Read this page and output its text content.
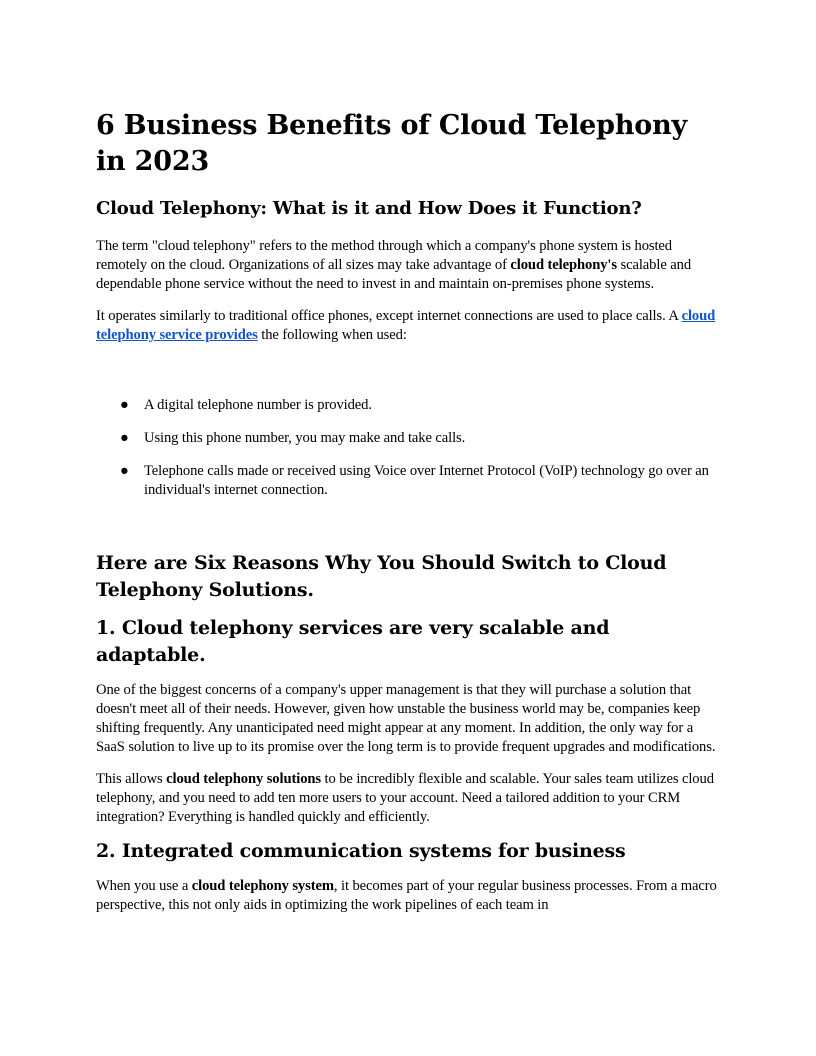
6 Business Benefits of Cloud Telephony in 2023
Cloud Telephony: What is it and How Does it Function?

The term "cloud telephony" refers to the method through which a company's phone system is hosted remotely on the cloud. Organizations of all sizes may take advantage of cloud telephony's scalable and dependable phone service without the need to invest in and maintain on-premises phone systems.

It operates similarly to traditional office phones, except internet connections are used to place calls. A cloud telephony service provides the following when used:

● A digital telephone number is provided.
● Using this phone number, you may make and take calls.
● Telephone calls made or received using Voice over Internet Protocol (VoIP) technology go over an individual's internet connection.
Here are Six Reasons Why You Should Switch to Cloud Telephony Solutions.
1. Cloud telephony services are very scalable and adaptable.

One of the biggest concerns of a company's upper management is that they will purchase a solution that doesn't meet all of their needs. However, given how unstable the business world may be, companies keep shifting frequently. Any unanticipated need might appear at any moment. In addition, the only way for a SaaS solution to live up to its promise over the long term is to provide frequent upgrades and modifications.

This allows cloud telephony solutions to be incredibly flexible and scalable. Your sales team utilizes cloud telephony, and you need to add ten more users to your account. Need a tailored addition to your CRM integration? Everything is handled quickly and efficiently.

2. Integrated communication systems for business

When you use a cloud telephony system, it becomes part of your regular business processes. From a macro perspective, this not only aids in optimizing the work pipelines of each team in
